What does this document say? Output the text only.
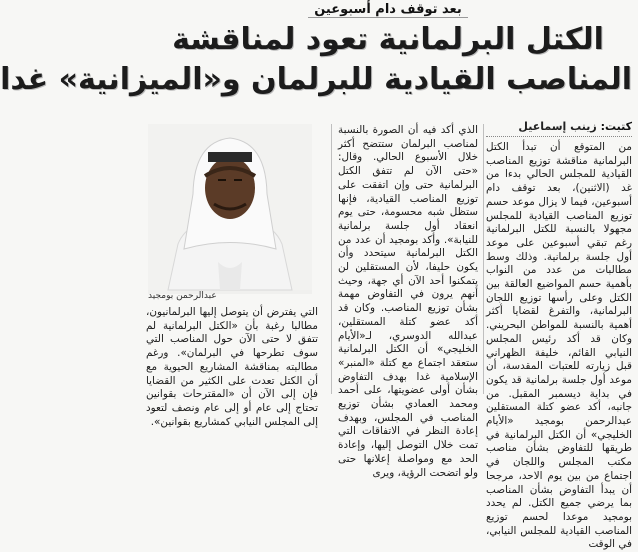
بعد توقف دام أسبوعين
الكتل البرلمانية تعود لمناقشة
المناصب القيادية للبرلمان و«الميزانية» غدا
كتبت: زينب إسماعيل

من المتوقع أن تبدأ الكتل البرلمانية مناقشة توزيع المناصب القيادية للمجلس الحالي بدءا من غد (الاثنين)، بعد توقف دام أسبوعين، فيما لا يزال موعد حسم توزيع المناصب القيادية للمجلس مجهولا بالنسبة للكتل البرلمانية رغم تبقي أسبوعين على موعد أول جلسة برلمانية. وذلك وسط مطالبات من عدد من النواب بأهمية حسم المواضيع العالقة بين الكتل وعلى رأسها توزيع اللجان البرلمانية، والتفرغ لقضايا أكثر أهمية بالنسبة للمواطن البحريني. وكان قد أكد رئيس المجلس النيابي القائم، خليفة الظهراني قبل زيارته للعتبات المقدسة، أن موعد أول جلسة برلمانية قد يكون في بداية ديسمبر المقبل. من جانبه، أكد عضو كتلة المستقلين عبدالرحمن بومجيد «الأيام الخليجي» أن الكتل البرلمانية في طريقها للتفاوض بشأن مناصب مكتب المجلس واللجان في اجتماع من بين يوم الاحد، مرجحا أن يبدأ التفاوض بشأن المناصب بما يرضي جميع الكتل. لم يحدد بومجيد موعدا لحسم توزيع المناصب القيادية للمجلس النيابي، في الوقت

الذي أكد فيه أن الصورة بالنسبة لمناصب البرلمان ستتضح أكثر خلال الأسبوع الحالي. وقال: «حتى الآن لم تتفق الكتل البرلمانية حتى وإن اتفقت على توزيع المناصب القيادية، فإنها ستظل شبه محسومة، حتى يوم انعقاد أول جلسة برلمانية للنيابة». وأكد بومجيد أن عدد من الكتل البرلمانية سيتحدد وأن يكون حليفا، لأن المستقلين لن يتمكنوا أحد الآن أي جهة، وحيث أنهم يرون في التفاوض مهمة بشأن توزيع المناصب. وكان قد أكد عضو كتلة المستقلين، عبدالله الدوسري، لـ«الأيام الخليجي» أن الكتل البرلمانية ستعقد اجتماع مع كتلة «المنبر» الإسلامية غدا بهدف التفاوض بشأن أولى عضويتها، على أحمد ومحمد العمادي بشأن توزيع المناصب في المجلس، وبهدف إعادة النظر في الاتفاقات التي تمت خلال التوصل إليها، وإعادة الحد مع ومواصلة إعلانها حتى ولو اتضحت الرؤية، ويرى

عبدالرحمن بومجيد

التي يفترض أن يتوصل إليها البرلمانيون، مطالبا رغبة بأن «الكتل البرلمانية لم تتفق لا حتى الآن حول المناصب التي سوف تطرحها في البرلمان». ورغم مطالبته بمناقشة المشاريع الحيوية مع أن الكتل تعدت على الكثير من القضايا فإن إلى الآن أن «المقترحات بقوانين تحتاج إلى عام أو إلى عام ونصف لتعود إلى المجلس النيابي كمشاريع بقوانين».
